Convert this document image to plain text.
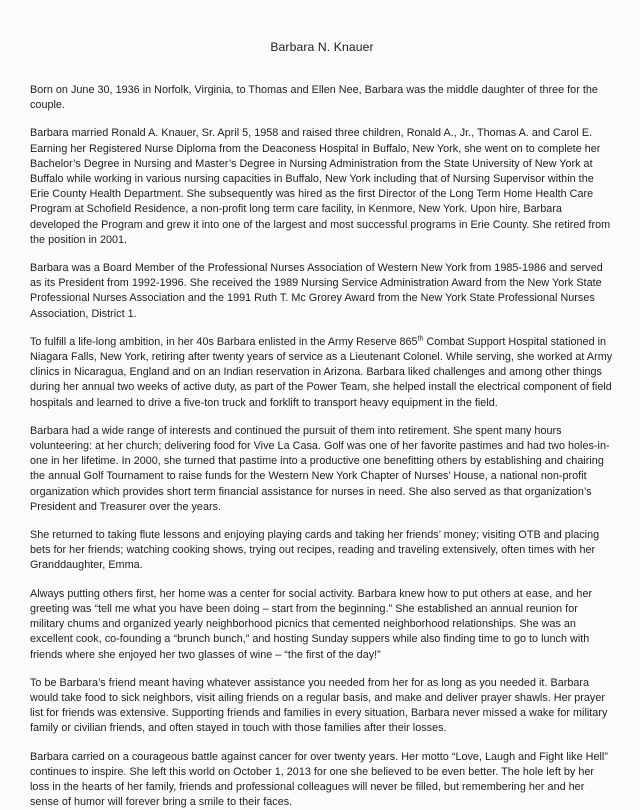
Barbara N. Knauer

Born on June 30, 1936 in Norfolk, Virginia, to Thomas and Ellen Nee, Barbara was the middle daughter of three for the couple.

Barbara married Ronald A. Knauer, Sr. April 5, 1958 and raised three children, Ronald A., Jr., Thomas A. and Carol E. Earning her Registered Nurse Diploma from the Deaconess Hospital in Buffalo, New York, she went on to complete her Bachelor’s Degree in Nursing and Master’s Degree in Nursing Administration from the State University of New York at Buffalo while working in various nursing capacities in Buffalo, New York including that of Nursing Supervisor within the Erie County Health Department. She subsequently was hired as the first Director of the Long Term Home Health Care Program at Schofield Residence, a non-profit long term care facility, in Kenmore, New York. Upon hire, Barbara developed the Program and grew it into one of the largest and most successful programs in Erie County. She retired from the position in 2001.

Barbara was a Board Member of the Professional Nurses Association of Western New York from 1985-1986 and served as its President from 1992-1996. She received the 1989 Nursing Service Administration Award from the New York State Professional Nurses Association and the 1991 Ruth T. Mc Grorey Award from the New York State Professional Nurses Association, District 1.

To fulfill a life-long ambition, in her 40s Barbara enlisted in the Army Reserve 865th Combat Support Hospital stationed in Niagara Falls, New York, retiring after twenty years of service as a Lieutenant Colonel. While serving, she worked at Army clinics in Nicaragua, England and on an Indian reservation in Arizona. Barbara liked challenges and among other things during her annual two weeks of active duty, as part of the Power Team, she helped install the electrical component of field hospitals and learned to drive a five-ton truck and forklift to transport heavy equipment in the field.

Barbara had a wide range of interests and continued the pursuit of them into retirement. She spent many hours volunteering: at her church; delivering food for Vive La Casa. Golf was one of her favorite pastimes and had two holes-in-one in her lifetime. In 2000, she turned that pastime into a productive one benefitting others by establishing and chairing the annual Golf Tournament to raise funds for the Western New York Chapter of Nurses’ House, a national non-profit organization which provides short term financial assistance for nurses in need. She also served as that organization’s President and Treasurer over the years.

She returned to taking flute lessons and enjoying playing cards and taking her friends’ money; visiting OTB and placing bets for her friends; watching cooking shows, trying out recipes, reading and traveling extensively, often times with her Granddaughter, Emma.

Always putting others first, her home was a center for social activity. Barbara knew how to put others at ease, and her greeting was “tell me what you have been doing – start from the beginning.” She established an annual reunion for military chums and organized yearly neighborhood picnics that cemented neighborhood relationships. She was an excellent cook, co-founding a “brunch bunch,” and hosting Sunday suppers while also finding time to go to lunch with friends where she enjoyed her two glasses of wine – “the first of the day!”

To be Barbara’s friend meant having whatever assistance you needed from her for as long as you needed it. Barbara would take food to sick neighbors, visit ailing friends on a regular basis, and make and deliver prayer shawls. Her prayer list for friends was extensive. Supporting friends and families in every situation, Barbara never missed a wake for military family or civilian friends, and often stayed in touch with those families after their losses.

Barbara carried on a courageous battle against cancer for over twenty years. Her motto “Love, Laugh and Fight like Hell” continues to inspire. She left this world on October 1, 2013 for one she believed to be even better. The hole left by her loss in the hearts of her family, friends and professional colleagues will never be filled, but remembering her and her sense of humor will forever bring a smile to their faces.
